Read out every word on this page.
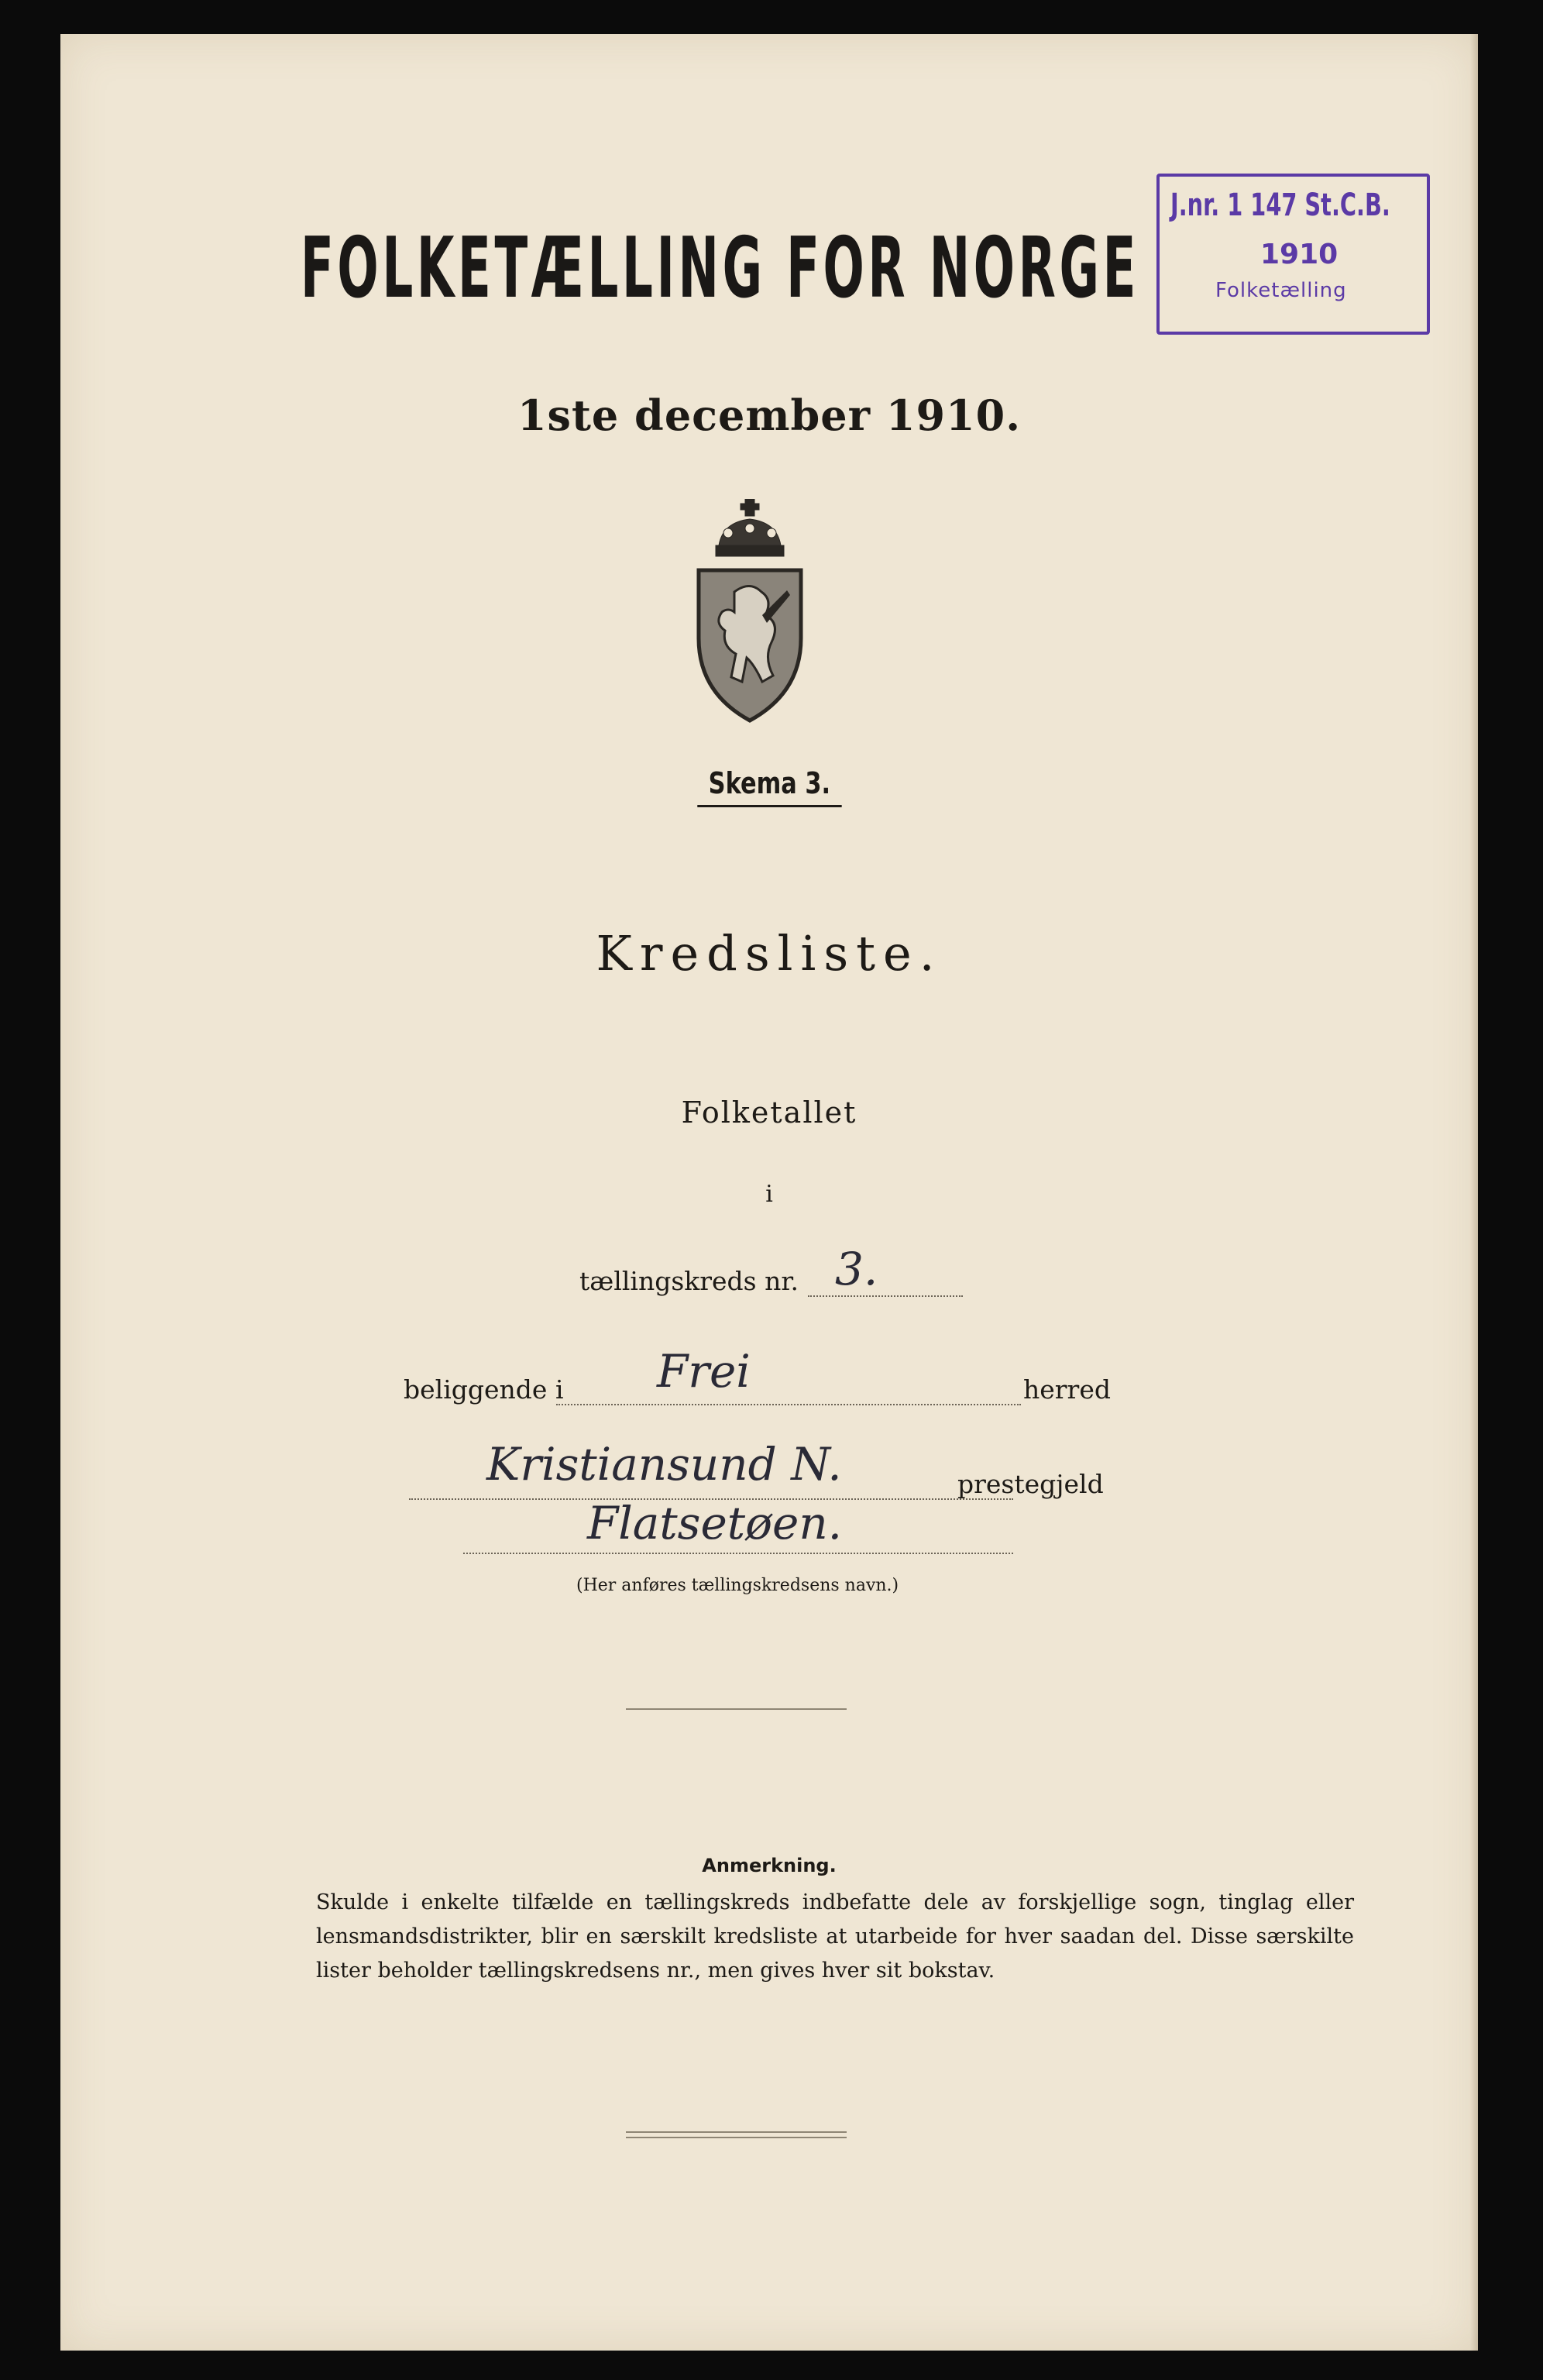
FOLKETÆLLING FOR NORGE
1ste december 1910.
J.nr. 1 147 St.C.B.
1910
Folketælling
Skema 3.
Kredsliste.
Folketallet
i
tællingskreds nr. 3.
beliggende i Frei	herred
Kristiansund N.	prestegjeld
Flatsetøen.
(Her anføres tællingskredsens navn.)
Anmerkning.
Skulde i enkelte tilfælde en tællingskreds indbefatte dele av forskjellige sogn, tinglag eller lensmandsdistrikter, blir en særskilt kredsliste at utarbeide for hver saadan del. Disse særskilte lister beholder tællingskredsens nr., men gives hver sit bokstav.
